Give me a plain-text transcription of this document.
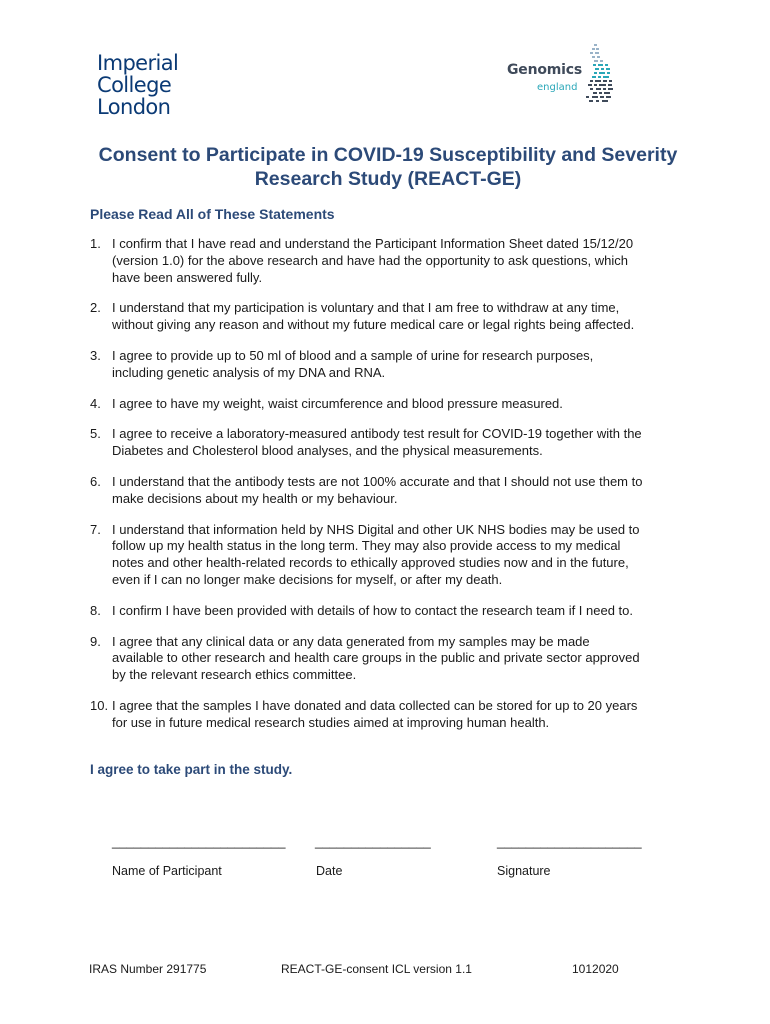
Imperial College
London
Genomics
england
Consent to Participate in COVID-19 Susceptibility and Severity
Research Study (REACT-GE)
Please Read All of These Statements
1. I confirm that I have read and understand the Participant Information Sheet dated 15/12/20
(version 1.0) for the above research and have had the opportunity to ask questions, which
have been answered fully.
2. I understand that my participation is voluntary and that I am free to withdraw at any time,
without giving any reason and without my future medical care or legal rights being affected.
3. I agree to provide up to 50 ml of blood and a sample of urine for research purposes,
including genetic analysis of my DNA and RNA.
4. I agree to have my weight, waist circumference and blood pressure measured.
5. I agree to receive a laboratory-measured antibody test result for COVID-19 together with the
Diabetes and Cholesterol blood analyses, and the physical measurements.
6. I understand that the antibody tests are not 100% accurate and that I should not use them to
make decisions about my health or my behaviour.
7. I understand that information held by NHS Digital and other UK NHS bodies may be used to
follow up my health status in the long term. They may also provide access to my medical
notes and other health-related records to ethically approved studies now and in the future,
even if I can no longer make decisions for myself, or after my death.
8. I confirm I have been provided with details of how to contact the research team if I need to.
9. I agree that any clinical data or any data generated from my samples may be made
available to other research and health care groups in the public and private sector approved
by the relevant research ethics committee.
10. I agree that the samples I have donated and data collected can be stored for up to 20 years
for use in future medical research studies aimed at improving human health.
I agree to take part in the study.
________________________ ________________	____________________
Name of Participant	Date	Signature
IRAS Number 291775	REACT-GE-consent ICL version 1.1	1012020
